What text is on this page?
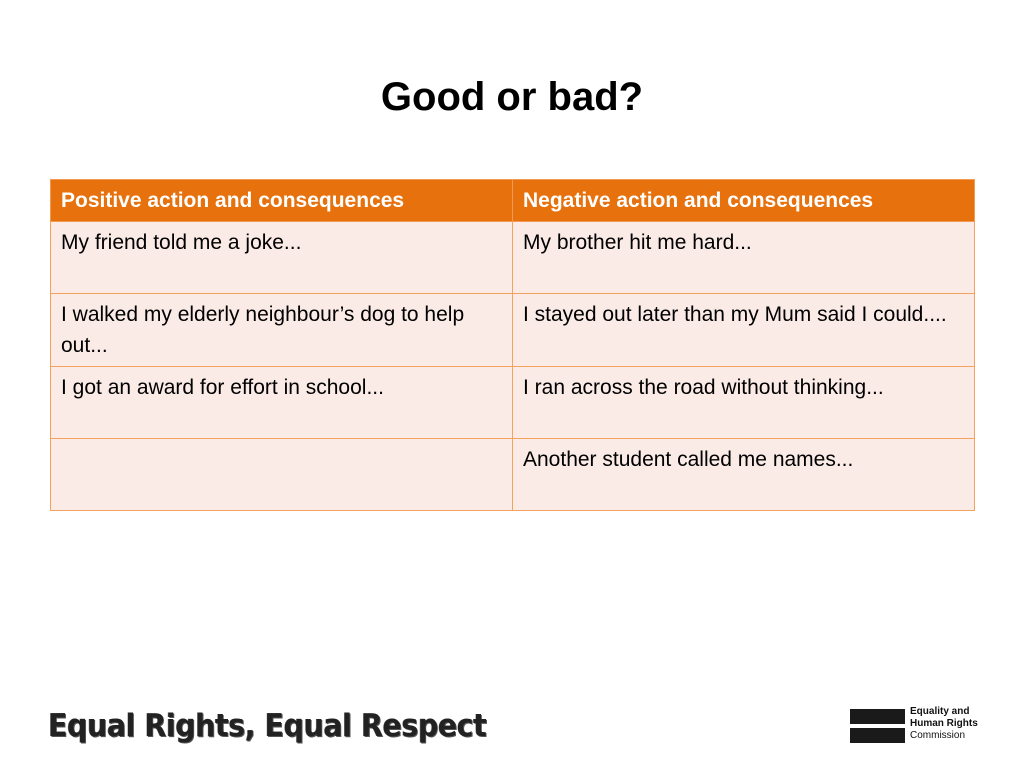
Good or bad?
Positive action and consequences	Negative action and consequences
My friend told me a joke...	My brother hit me hard...
I walked my elderly neighbour’s dog to help out...	I stayed out later than my Mum said I could....
I got an award for effort in school...	I ran across the road without thinking...
	Another student called me names...
Equal Rights, Equal Respect	Equality and
Human Rights
Commission
